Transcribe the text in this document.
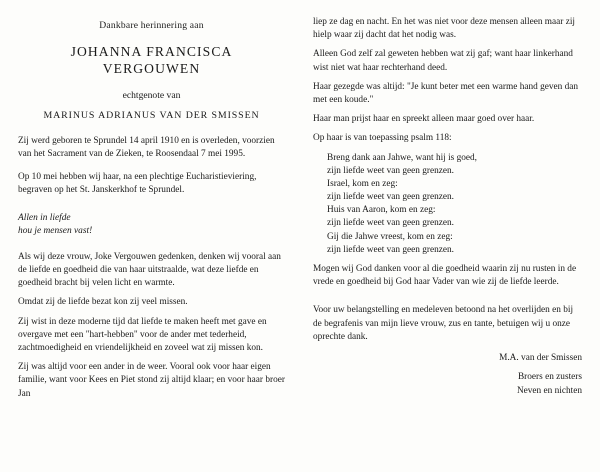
Dankbare herinnering aan
JOHANNA FRANCISCA
VERGOUWEN
echtgenote van
MARINUS ADRIANUS VAN DER SMISSEN

Zij werd geboren te Sprundel 14 april 1910 en is overleden, voorzien van het Sacrament van de Zieken, te Roosendaal 7 mei 1995.

Op 10 mei hebben wij haar, na een plechtige Eucharistieviering, begraven op het St. Janskerkhof te Sprundel.

Allen in liefde
hou je mensen vast!

Als wij deze vrouw, Joke Vergouwen gedenken, denken wij vooral aan de liefde en goedheid die van haar uitstraalde, wat deze liefde en goedheid bracht bij velen licht en warmte.

Omdat zij de liefde bezat kon zij veel missen.

Zij wist in deze moderne tijd dat liefde te maken heeft met gave en overgave met een "hart-hebben" voor de ander met tederheid, zachtmoedigheid en vriendelijkheid en zoveel wat zij missen kon.

Zij was altijd voor een ander in de weer. Vooral ook voor haar eigen familie, want voor Kees en Piet stond zij altijd klaar; en voor haar broer Jan

liep ze dag en nacht. En het was niet voor deze mensen alleen maar zij hielp waar zij dacht dat het nodig was.

Alleen God zelf zal geweten hebben wat zij gaf; want haar linkerhand wist niet wat haar rechterhand deed.

Haar gezegde was altijd: "Je kunt beter met een warme hand geven dan met een koude."

Haar man prijst haar en spreekt alleen maar goed over haar.

Op haar is van toepassing psalm 118:

Breng dank aan Jahwe, want hij is goed,
zijn liefde weet van geen grenzen.
Israel, kom en zeg:
zijn liefde weet van geen grenzen.
Huis van Aaron, kom en zeg:
zijn liefde weet van geen grenzen.
Gij die Jahwe vreest, kom en zeg:
zijn liefde weet van geen grenzen.

Mogen wij God danken voor al die goedheid waarin zij nu rusten in de vrede en goedheid bij God haar Vader van wie zij de liefde leerde.

Voor uw belangstelling en medeleven betoond na het overlijden en bij de begrafenis van mijn lieve vrouw, zus en tante, betuigen wij u onze oprechte dank.

M.A. van der Smissen

Broers en zusters

Neven en nichten
